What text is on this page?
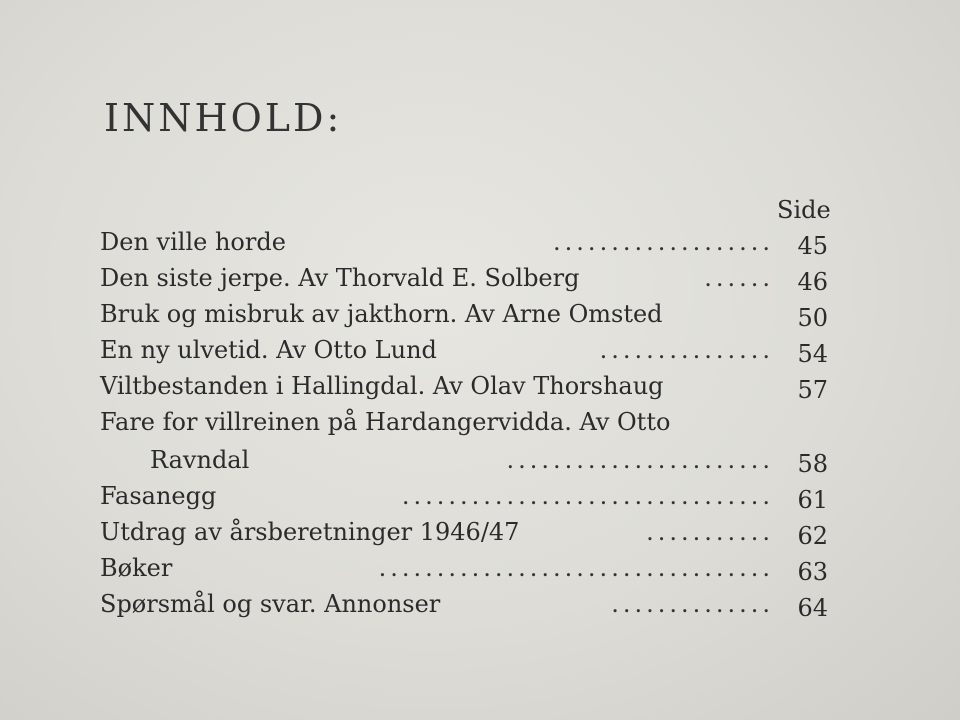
INNHOLD:
Side
Den ville horde	................... 45
Den siste jerpe. Av Thorvald E. Solberg	...... 46
Bruk og misbruk av jakthorn. Av Arne Omsted	50
En ny ulvetid. Av Otto Lund	............... 54
Viltbestanden i Hallingdal. Av Olav Thorshaug	57
Fare for villreinen på Hardangervidda. Av Otto
Ravndal	....................... 58
Fasanegg	................................ 61
Utdrag av årsberetninger 1946/47	........... 62
Bøker	.................................. 63
Spørsmål og svar. Annonser	.............. 64
